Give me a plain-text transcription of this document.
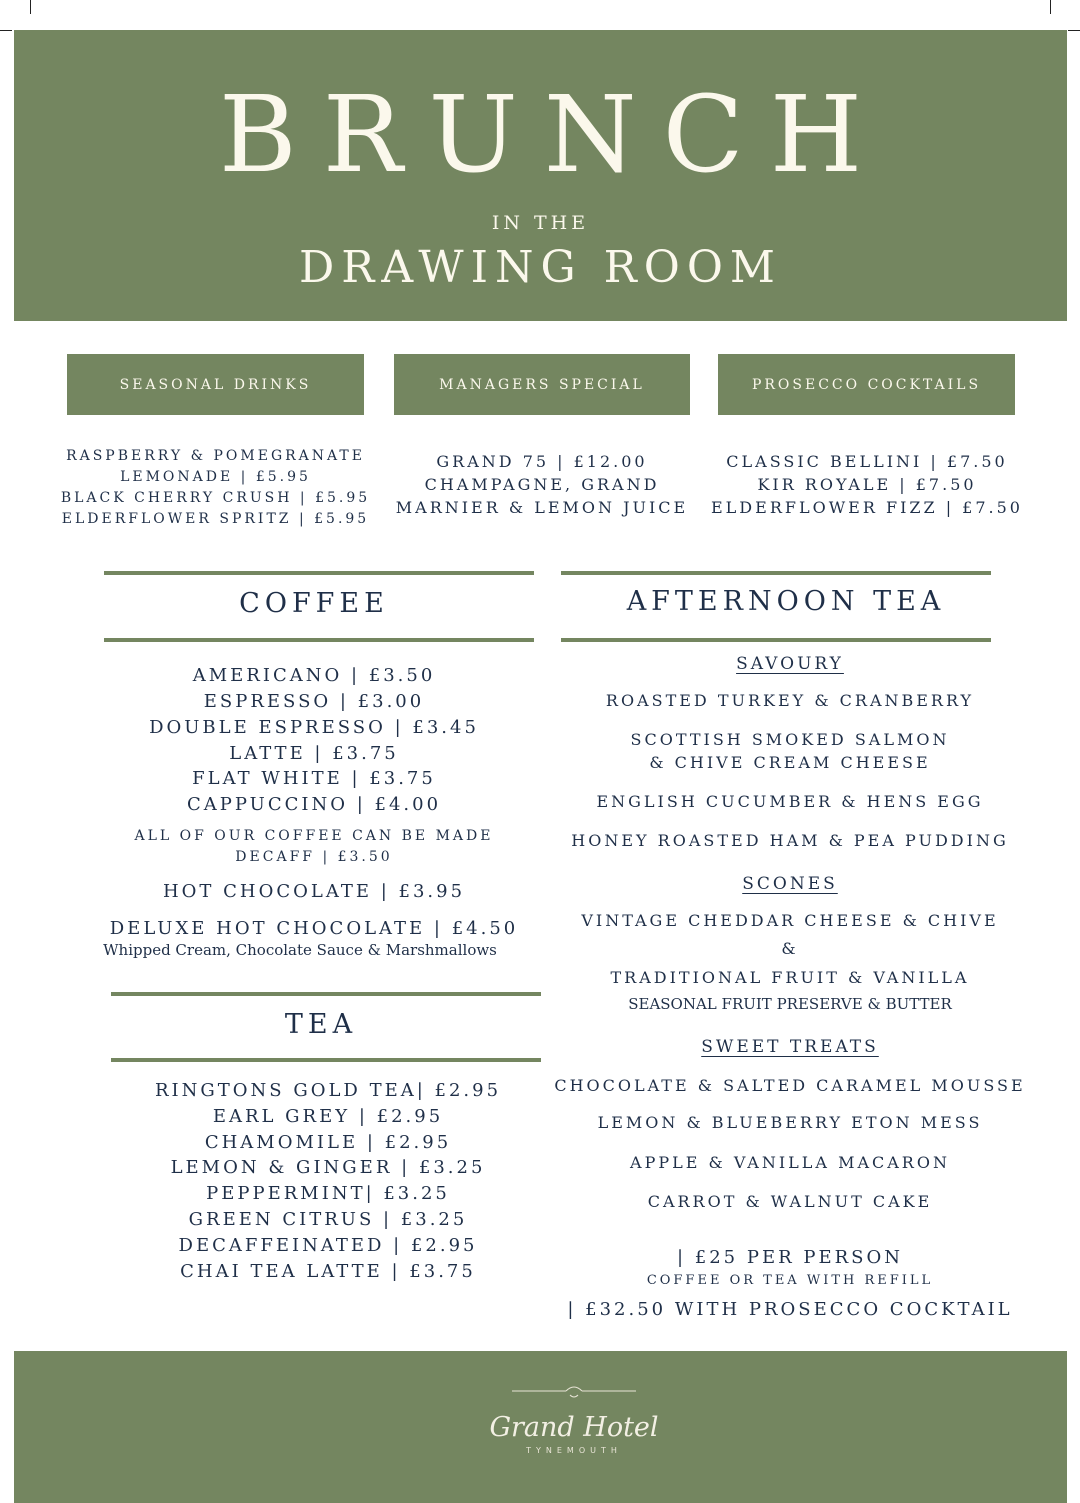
BRUNCH
IN THE
DRAWING ROOM
SEASONAL DRINKS	MANAGERS SPECIAL	PROSECCO COCKTAILS
RASPBERRY & POMEGRANATE
LEMONADE | £5.95
BLACK CHERRY CRUSH | £5.95
ELDERFLOWER SPRITZ | £5.95
GRAND 75 | £12.00
CHAMPAGNE, GRAND
MARNIER & LEMON JUICE
CLASSIC BELLINI | £7.50
KIR ROYALE | £7.50
ELDERFLOWER FIZZ | £7.50
COFFEE
AMERICANO | £3.50
ESPRESSO | £3.00
DOUBLE ESPRESSO | £3.45
LATTE | £3.75
FLAT WHITE | £3.75
CAPPUCCINO | £4.00
ALL OF OUR COFFEE CAN BE MADE
DECAFF | £3.50
HOT CHOCOLATE | £3.95
DELUXE HOT CHOCOLATE | £4.50
Whipped Cream, Chocolate Sauce & Marshmallows
TEA
RINGTONS GOLD TEA| £2.95
EARL GREY | £2.95
CHAMOMILE | £2.95
LEMON & GINGER | £3.25
PEPPERMINT| £3.25
GREEN CITRUS | £3.25
DECAFFEINATED | £2.95
CHAI TEA LATTE | £3.75
AFTERNOON TEA
SAVOURY
ROASTED TURKEY & CRANBERRY
SCOTTISH SMOKED SALMON
& CHIVE CREAM CHEESE
ENGLISH CUCUMBER & HENS EGG
HONEY ROASTED HAM & PEA PUDDING
SCONES
VINTAGE CHEDDAR CHEESE & CHIVE
&
TRADITIONAL FRUIT & VANILLA
SEASONAL FRUIT PRESERVE & BUTTER
SWEET TREATS
CHOCOLATE & SALTED CARAMEL MOUSSE
LEMON & BLUEBERRY ETON MESS
APPLE & VANILLA MACARON
CARROT & WALNUT CAKE
| £25 PER PERSON
COFFEE OR TEA WITH REFILL
| £32.50 WITH PROSECCO COCKTAIL
Grand Hotel
TYNEMOUTH
